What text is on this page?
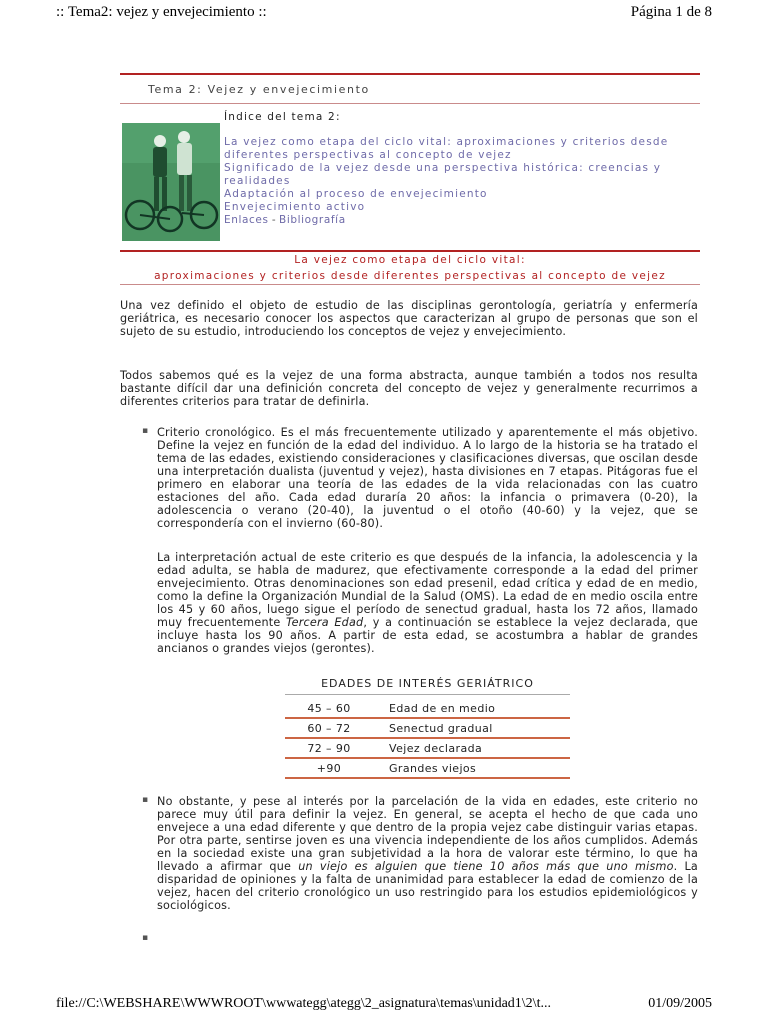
:: Tema2: vejez y envejecimiento ::	Página 1 de 8
Tema 2: Vejez y envejecimiento
Índice del tema 2:
La vejez como etapa del ciclo vital: aproximaciones y criterios desde diferentes perspectivas al concepto de vejez
Significado de la vejez desde una perspectiva histórica: creencias y realidades
Adaptación al proceso de envejecimiento
Envejecimiento activo
Enlaces - Bibliografía
La vejez como etapa del ciclo vital:
aproximaciones y criterios desde diferentes perspectivas al concepto de vejez

Una vez definido el objeto de estudio de las disciplinas gerontología, geriatría y enfermería geriátrica, es necesario conocer los aspectos que caracterizan al grupo de personas que son el sujeto de su estudio, introduciendo los conceptos de vejez y envejecimiento.

Todos sabemos qué es la vejez de una forma abstracta, aunque también a todos nos resulta bastante difícil dar una definición concreta del concepto de vejez y generalmente recurrimos a diferentes criterios para tratar de definirla.

▪ Criterio cronológico. Es el más frecuentemente utilizado y aparentemente el más objetivo. Define la vejez en función de la edad del individuo. A lo largo de la historia se ha tratado el tema de las edades, existiendo consideraciones y clasificaciones diversas, que oscilan desde una interpretación dualista (juventud y vejez), hasta divisiones en 7 etapas. Pitágoras fue el primero en elaborar una teoría de las edades de la vida relacionadas con las cuatro estaciones del año. Cada edad duraría 20 años: la infancia o primavera (0-20), la adolescencia o verano (20-40), la juventud o el otoño (40-60) y la vejez, que se correspondería con el invierno (60-80).

La interpretación actual de este criterio es que después de la infancia, la adolescencia y la edad adulta, se habla de madurez, que efectivamente corresponde a la edad del primer envejecimiento. Otras denominaciones son edad presenil, edad crítica y edad de en medio, como la define la Organización Mundial de la Salud (OMS). La edad de en medio oscila entre los 45 y 60 años, luego sigue el período de senectud gradual, hasta los 72 años, llamado muy frecuentemente Tercera Edad, y a continuación se establece la vejez declarada, que incluye hasta los 90 años. A partir de esta edad, se acostumbra a hablar de grandes ancianos o grandes viejos (gerontes).

EDADES DE INTERÉS GERIÁTRICO

45 – 60		Edad de en medio
60 – 72		Senectud gradual
72 – 90		Vejez declarada
+90		Grandes viejos
▪ No obstante, y pese al interés por la parcelación de la vida en edades, este criterio no parece muy útil para definir la vejez. En general, se acepta el hecho de que cada uno envejece a una edad diferente y que dentro de la propia vejez cabe distinguir varias etapas. Por otra parte, sentirse joven es una vivencia independiente de los años cumplidos. Además en la sociedad existe una gran subjetividad a la hora de valorar este término, lo que ha llevado a afirmar que un viejo es alguien que tiene 10 años más que uno mismo. La disparidad de opiniones y la falta de unanimidad para establecer la edad de comienzo de la vejez, hacen del criterio cronológico un uso restringido para los estudios epidemiológicos y sociológicos.

▪
file://C:\WEBSHARE\WWWROOT\wwwategg\ategg\2_asignatura\temas\unidad1\2\t...	01/09/2005
